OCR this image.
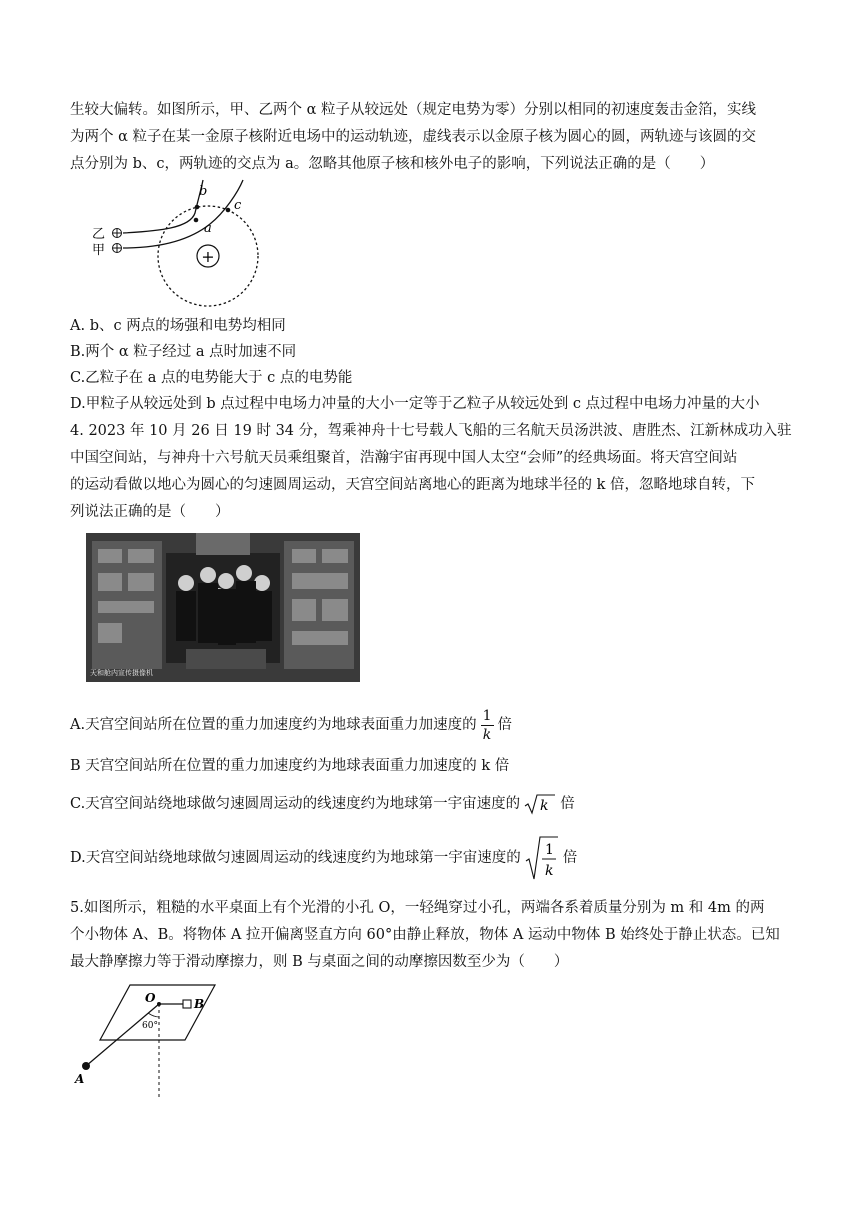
生较大偏转。如图所示，甲、乙两个 α 粒子从较远处（规定电势为零）分别以相同的初速度轰击金箔，实线
为两个 α 粒子在某一金原子核附近电场中的运动轨迹，虚线表示以金原子核为圆心的圆，两轨迹与该圆的交
点分别为 b、c，两轨迹的交点为 a。忽略其他原子核和核外电子的影响，下列说法正确的是（　　）
+
b
c
a
乙
甲
A. b、c 两点的场强和电势均相同
B.两个 α 粒子经过 a 点时加速不同
C.乙粒子在 a 点的电势能大于 c 点的电势能
D.甲粒子从较远处到 b 点过程中电场力冲量的大小一定等于乙粒子从较远处到 c 点过程中电场力冲量的大小
4. 2023 年 10 月 26 日 19 时 34 分，驾乘神舟十七号载人飞船的三名航天员汤洪波、唐胜杰、江新林成功入驻
中国空间站，与神舟十六号航天员乘组聚首，浩瀚宇宙再现中国人太空“会师”的经典场面。将天宫空间站
的运动看做以地心为圆心的匀速圆周运动，天宫空间站离地心的距离为地球半径的 k 倍，忽略地球自转，下
列说法正确的是（　　）
天和舱内宣传摄像机
A.天宫空间站所在位置的重力加速度约为地球表面重力加速度的 $\frac{1}{k}$ 倍
B 天宫空间站所在位置的重力加速度约为地球表面重力加速度的 k 倍
C.天宫空间站绕地球做匀速圆周运动的线速度约为地球第一宇宙速度的 k 倍
D.天宫空间站绕地球做匀速圆周运动的线速度约为地球第一宇宙速度的 1
k
倍
5.如图所示，粗糙的水平桌面上有个光滑的小孔 O，一轻绳穿过小孔，两端各系着质量分别为 m 和 4m 的两
个小物体 A、B。将物体 A 拉开偏离竖直方向 60°由静止释放，物体 A 运动中物体 B 始终处于静止状态。已知
最大静摩擦力等于滑动摩擦力，则 B 与桌面之间的动摩擦因数至少为（　　）
O	B
60°
A
